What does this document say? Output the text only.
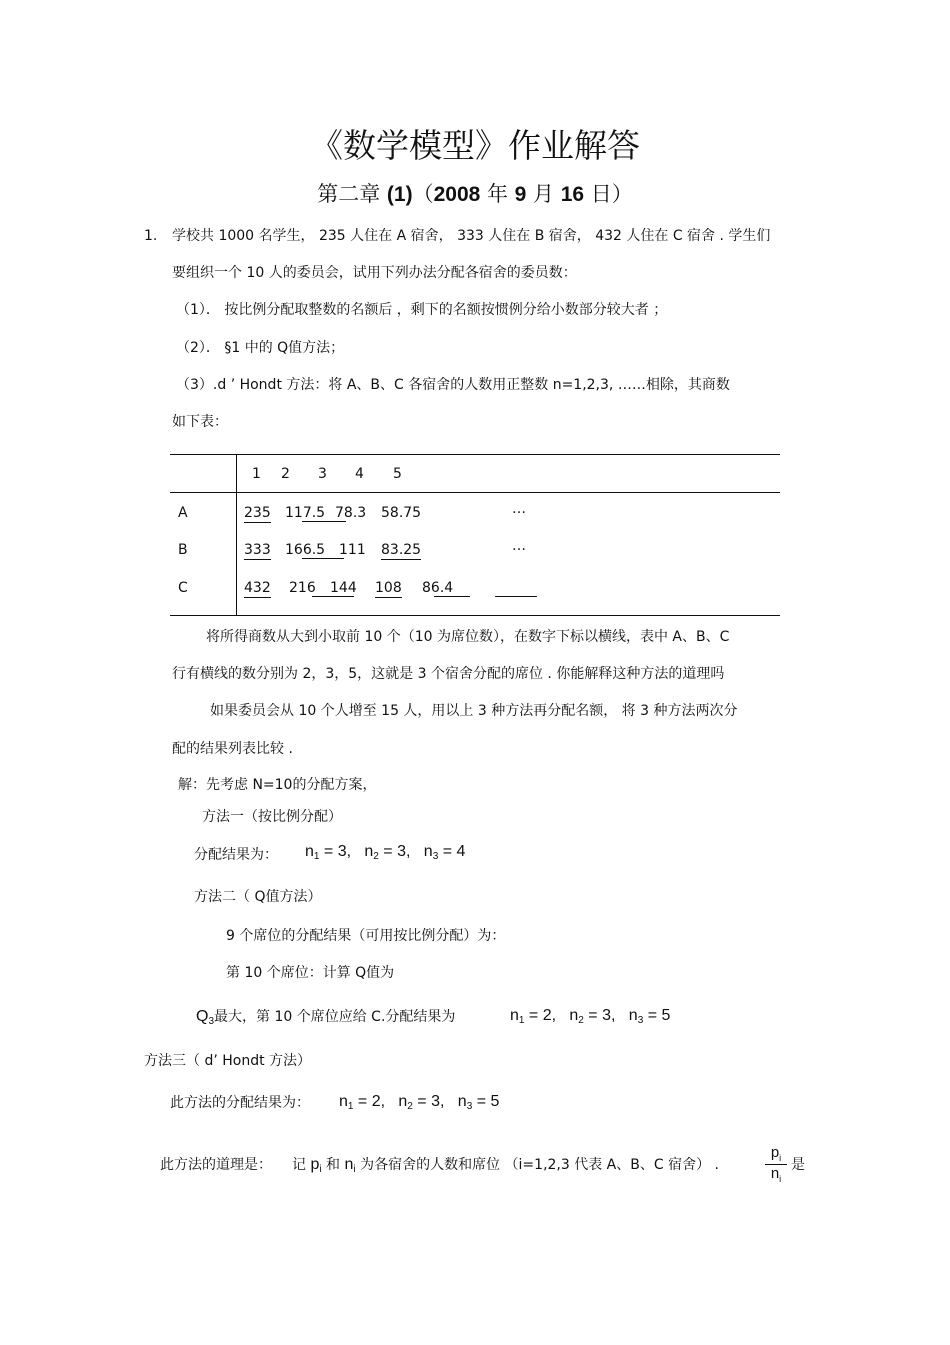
《数学模型》作业解答
第二章 (1)（2008 年 9 月 16 日）
1. 学校共 1000 名学生， 235 人住在 A 宿舍， 333 人住在 B 宿舍， 432 人住在 C 宿舍 . 学生们
要组织一个 10 人的委员会，试用下列办法分配各宿舍的委员数：
（1）． 按比例分配取整数的名额后 ，剩下的名额按惯例分给小数部分较大者 ；
（2）． §1 中的 Q值方法；
（3）.d ’ Hondt 方法：将 A、B、C 各宿舍的人数用正整数 n=1,2,3, ……相除，其商数
如下表：
1 2 3 4 5
A	235 117.5 78.3 58.75	…
B	333 166.5 111 83.25	…
C	432 216 144 108 86.4
将所得商数从大到小取前 10 个（10 为席位数），在数字下标以横线，表中 A、B、C
行有横线的数分别为 2，3，5，这就是 3 个宿舍分配的席位 . 你能解释这种方法的道理吗
如果委员会从 10 个人增至 15 人，用以上 3 种方法再分配名额， 将 3 种方法两次分
配的结果列表比较 .
解：先考虑 N=10的分配方案，
方法一（按比例分配）
分配结果为： $n_1 = 3$,   $n_2 = 3$,   $n_3 = 4$
方法二（ Q值方法）
9 个席位的分配结果（可用按比例分配）为：
第 10 个席位：计算 Q值为
$Q_3$最大，第 10 个席位应给 C.分配结果为	$n_1 = 2$,   $n_2 = 3$,   $n_3 = 5$
方法三（ d’ Hondt 方法）
此方法的分配结果为： $n_1 = 2$,   $n_2 = 3$,   $n_3 = 5$
此方法的道理是： 记 $p_i$ 和 $n_i$ 为各宿舍的人数和席位 （i=1,2,3 代表 A、B、C 宿舍） .	$\frac{p_i}{n_i}$ 是
